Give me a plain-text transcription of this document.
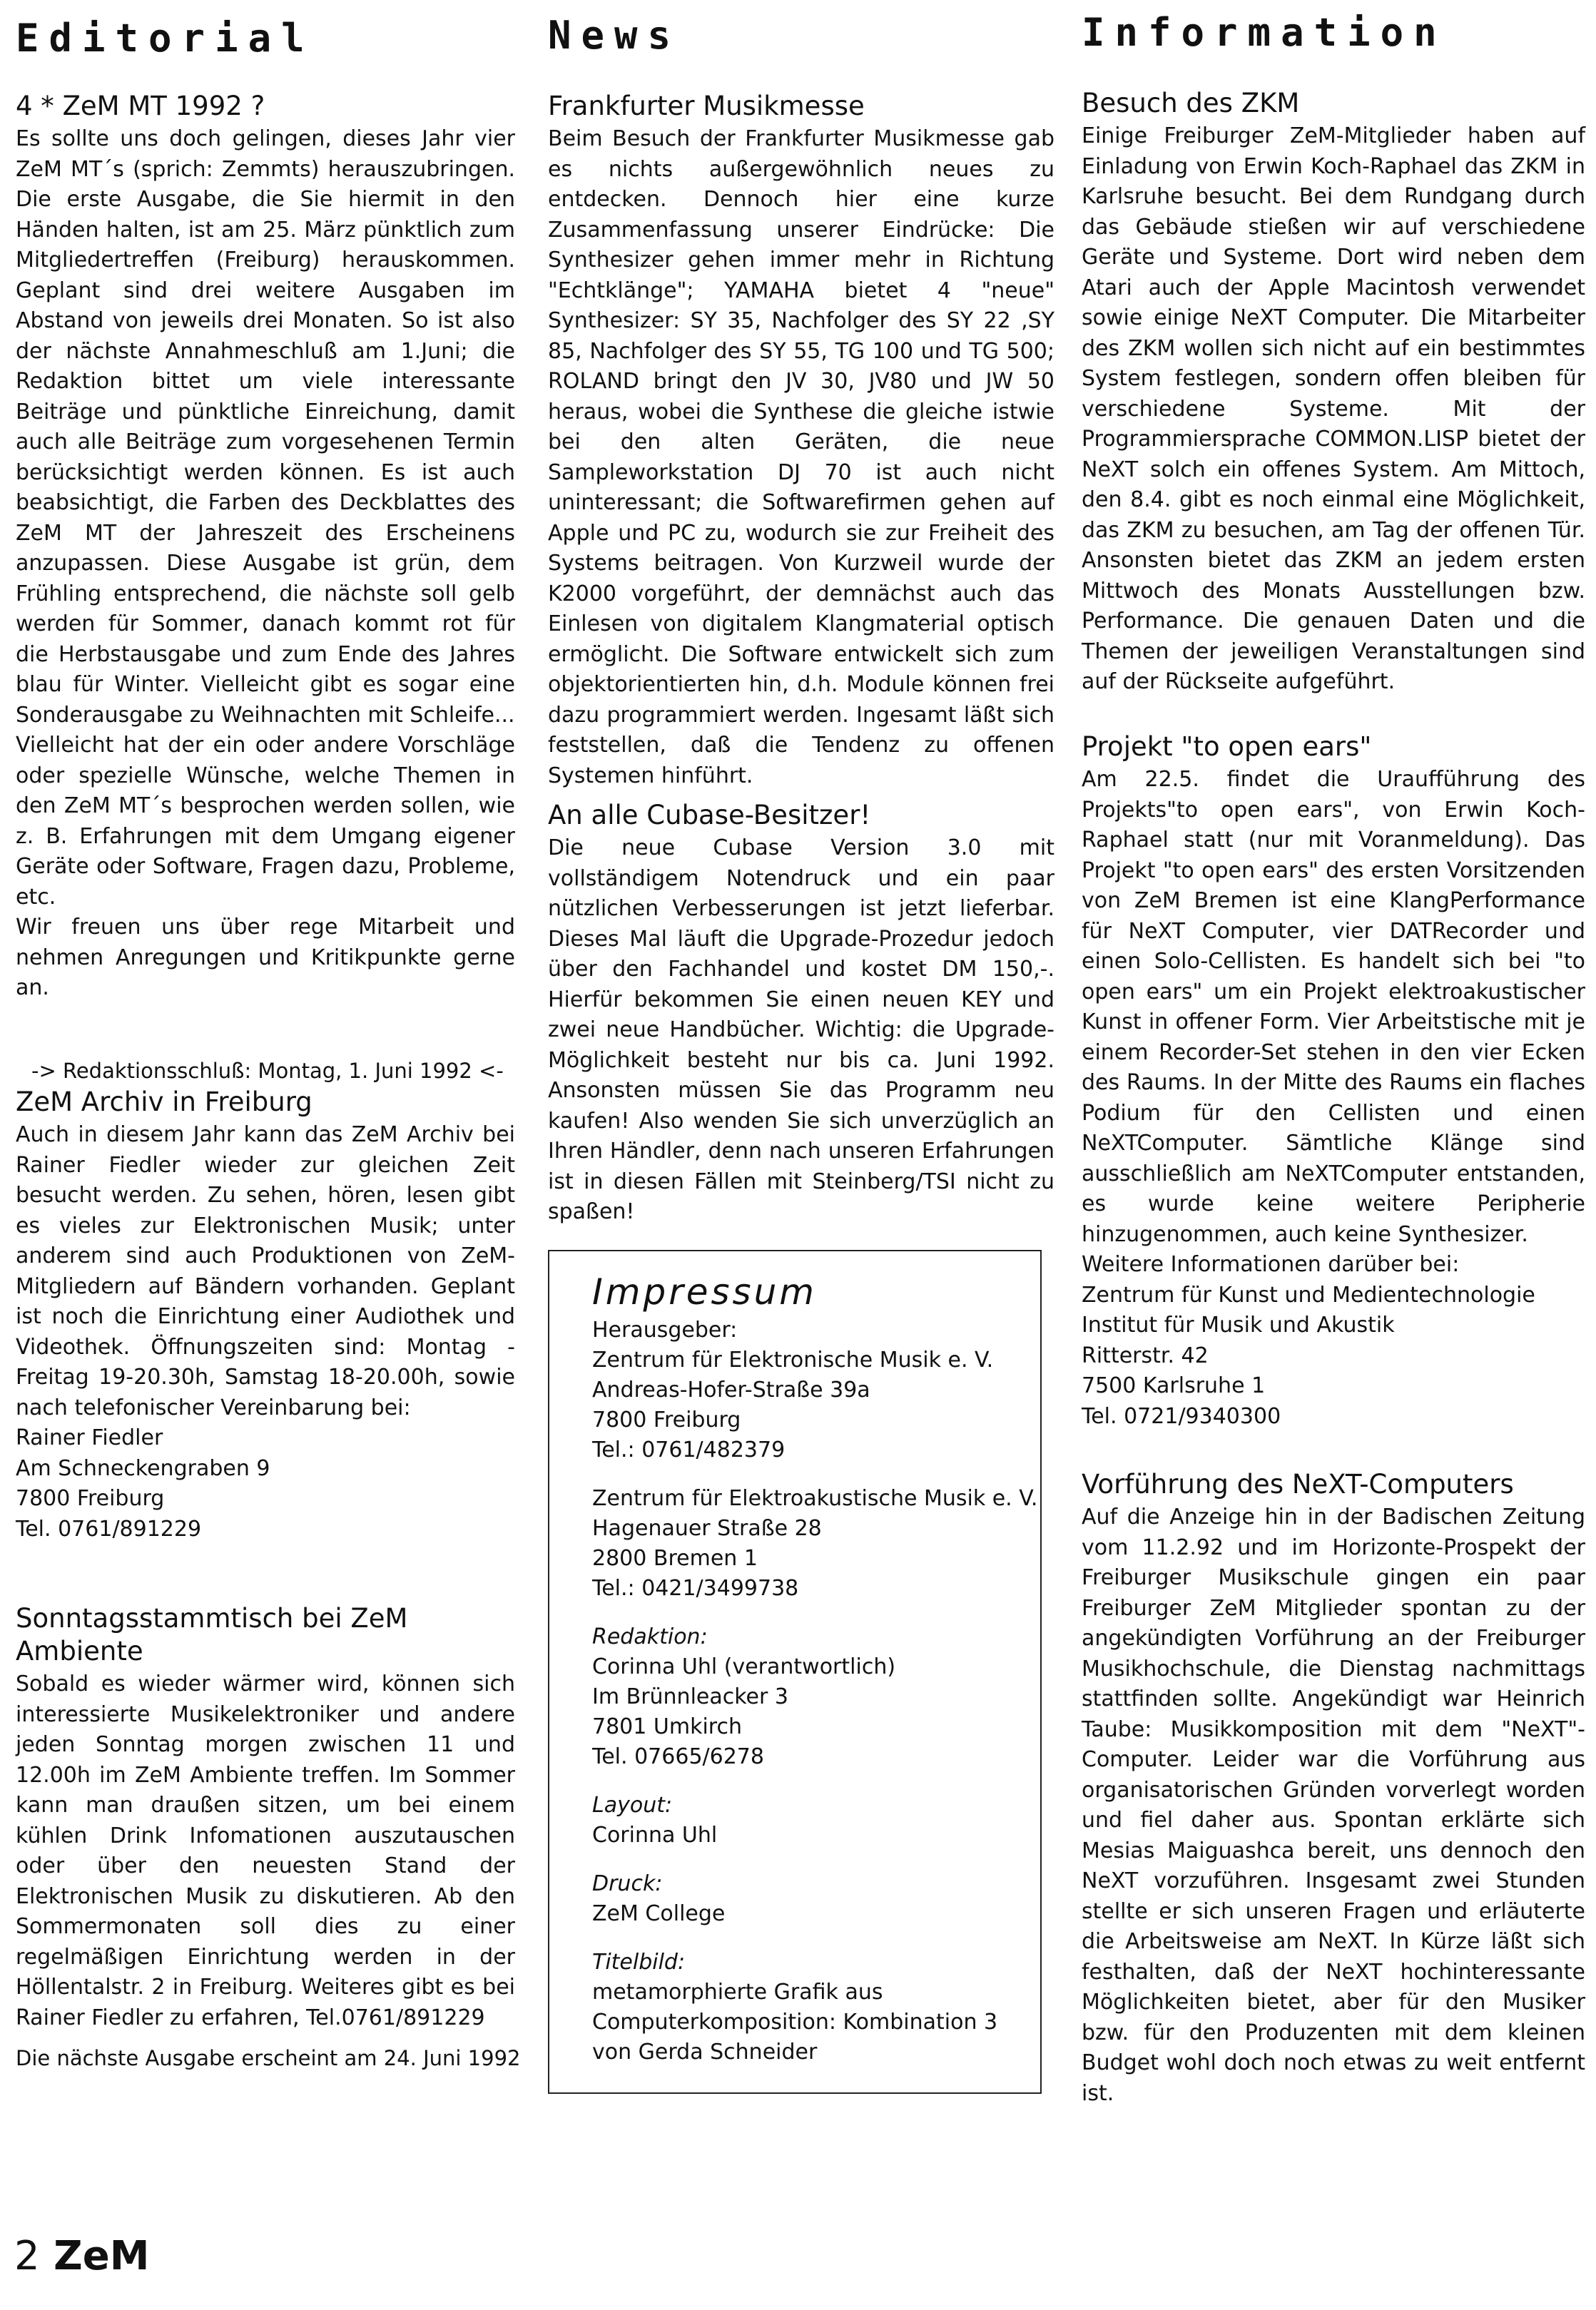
Editorial
4 * ZeM MT 1992 ?

Es sollte uns doch gelingen, dieses Jahr vier ZeM MT´s (sprich: Zemmts) herauszubringen. Die erste Ausgabe, die Sie hiermit in den Händen halten, ist am 25. März pünktlich zum Mitgliedertreffen (Freiburg) herauskommen. Geplant sind drei weitere Ausgaben im Abstand von jeweils drei Monaten. So ist also der nächste Annahmeschluß am 1.Juni; die Redaktion bittet um viele interessante Beiträge und pünktliche Einreichung, damit auch alle Beiträge zum vorgesehenen Termin berücksichtigt werden können. Es ist auch beabsichtigt, die Farben des Deckblattes des ZeM MT der Jahreszeit des Erscheinens anzupassen. Diese Ausgabe ist grün, dem Frühling entsprechend, die nächste soll gelb werden für Sommer, danach kommt rot für die Herbstausgabe und zum Ende des Jahres blau für Winter. Vielleicht gibt es sogar eine Sonderausgabe zu Weihnachten mit Schleife...

Vielleicht hat der ein oder andere Vorschläge oder spezielle Wünsche, welche Themen in den ZeM MT´s besprochen werden sollen, wie z. B. Erfahrungen mit dem Umgang eigener Geräte oder Software, Fragen dazu, Probleme, etc.

Wir freuen uns über rege Mitarbeit und nehmen Anregungen und Kritikpunkte gerne an.

-> Redaktionsschluß: Montag, 1. Juni 1992 <-
ZeM Archiv in Freiburg

Auch in diesem Jahr kann das ZeM Archiv bei Rainer Fiedler wieder zur gleichen Zeit besucht werden. Zu sehen, hören, lesen gibt es vieles zur Elektronischen Musik; unter anderem sind auch Produktionen von ZeM-Mitgliedern auf Bändern vorhanden. Geplant ist noch die Einrichtung einer Audiothek und Videothek. Öffnungszeiten sind: Montag - Freitag 19-20.30h, Samstag 18-20.00h, sowie nach telefonischer Vereinbarung bei:

Rainer Fiedler

Am Schneckengraben 9

7800 Freiburg

Tel. 0761/891229

Sonntagsstammtisch bei ZeM Ambiente

Sobald es wieder wärmer wird, können sich interessierte Musikelektroniker und andere jeden Sonntag morgen zwischen 11 und 12.00h im ZeM Ambiente treffen. Im Sommer kann man draußen sitzen, um bei einem kühlen Drink Infomationen auszutauschen oder über den neuesten Stand der Elektronischen Musik zu diskutieren. Ab den Sommermonaten soll dies zu einer regelmäßigen Einrichtung werden in der Höllentalstr. 2 in Freiburg. Weiteres gibt es bei Rainer Fiedler zu erfahren, Tel.0761/891229

Die nächste Ausgabe erscheint am 24. Juni 1992
News
Frankfurter Musikmesse

Beim Besuch der Frankfurter Musikmesse gab es nichts außergewöhnlich neues zu entdecken. Dennoch hier eine kurze Zusammenfassung unserer Eindrücke: Die Synthesizer gehen immer mehr in Richtung "Echtklänge"; YAMAHA bietet 4 "neue" Synthesizer: SY 35, Nachfolger des SY 22 ,SY 85, Nachfolger des SY 55, TG 100 und TG 500; ROLAND bringt den JV 30, JV80 und JW 50 heraus, wobei die Synthese die gleiche istwie bei den alten Geräten, die neue Sampleworkstation DJ 70 ist auch nicht uninteressant; die Softwarefirmen gehen auf Apple und PC zu, wodurch sie zur Freiheit des Systems beitragen. Von Kurzweil wurde der K2000 vorgeführt, der demnächst auch das Einlesen von digitalem Klangmaterial optisch ermöglicht. Die Software entwickelt sich zum objektorientierten hin, d.h. Module können frei dazu programmiert werden. Ingesamt läßt sich feststellen, daß die Tendenz zu offenen Systemen hinführt.

An alle Cubase-Besitzer!

Die neue Cubase Version 3.0 mit vollständigem Notendruck und ein paar nützlichen Verbesserungen ist jetzt lieferbar. Dieses Mal läuft die Upgrade-Prozedur jedoch über den Fachhandel und kostet DM 150,-. Hierfür bekommen Sie einen neuen KEY und zwei neue Handbücher. Wichtig: die Upgrade-Möglichkeit besteht nur bis ca. Juni 1992. Ansonsten müssen Sie das Programm neu kaufen! Also wenden Sie sich unverzüglich an Ihren Händler, denn nach unseren Erfahrungen ist in diesen Fällen mit Steinberg/TSI nicht zu spaßen!

Impressum
Herausgeber:
Zentrum für Elektronische Musik e. V.
Andreas-Hofer-Straße 39a
7800 Freiburg
Tel.: 0761/482379
Zentrum für Elektroakustische Musik e. V.
Hagenauer Straße 28
2800 Bremen 1
Tel.: 0421/3499738
Redaktion:
Corinna Uhl (verantwortlich)
Im Brünnleacker 3
7801 Umkirch
Tel. 07665/6278
Layout:
Corinna Uhl
Druck:
ZeM College
Titelbild:
metamorphierte Grafik aus Computerkomposition: Kombination 3 von Gerda Schneider
Information
Besuch des ZKM

Einige Freiburger ZeM-Mitglieder haben auf Einladung von Erwin Koch-Raphael das ZKM in Karlsruhe besucht. Bei dem Rundgang durch das Gebäude stießen wir auf verschiedene Geräte und Systeme. Dort wird neben dem Atari auch der Apple Macintosh verwendet sowie einige NeXT Computer. Die Mitarbeiter des ZKM wollen sich nicht auf ein bestimmtes System festlegen, sondern offen bleiben für verschiedene Systeme. Mit der Programmiersprache COMMON.LISP bietet der NeXT solch ein offenes System. Am Mittoch, den 8.4. gibt es noch einmal eine Möglichkeit, das ZKM zu besuchen, am Tag der offenen Tür. Ansonsten bietet das ZKM an jedem ersten Mittwoch des Monats Ausstellungen bzw. Performance. Die genauen Daten und die Themen der jeweiligen Veranstaltungen sind auf der Rückseite aufgeführt.

Projekt "to open ears"

Am 22.5. findet die Uraufführung des Projekts"to open ears", von Erwin Koch-Raphael statt (nur mit Voranmeldung). Das Projekt "to open ears" des ersten Vorsitzenden von ZeM Bremen ist eine KlangPerformance für NeXT Computer, vier DATRecorder und einen Solo-Cellisten. Es handelt sich bei "to open ears" um ein Projekt elektroakustischer Kunst in offener Form. Vier Arbeitstische mit je einem Recorder-Set stehen in den vier Ecken des Raums. In der Mitte des Raums ein flaches Podium für den Cellisten und einen NeXTComputer. Sämtliche Klänge sind ausschließlich am NeXTComputer entstanden, es wurde keine weitere Peripherie hinzugenommen, auch keine Synthesizer.

Weitere Informationen darüber bei:

Zentrum für Kunst und Medientechnologie

Institut für Musik und Akustik

Ritterstr. 42

7500 Karlsruhe 1

Tel. 0721/9340300

Vorführung des NeXT-Computers

Auf die Anzeige hin in der Badischen Zeitung vom 11.2.92 und im Horizonte-Prospekt der Freiburger Musikschule gingen ein paar Freiburger ZeM Mitglieder spontan zu der angekündigten Vorführung an der Freiburger Musikhochschule, die Dienstag nachmittags stattfinden sollte. Angekündigt war Heinrich Taube: Musikkomposition mit dem "NeXT"-Computer. Leider war die Vorführung aus organisatorischen Gründen vorverlegt worden und fiel daher aus. Spontan erklärte sich Mesias Maiguashca bereit, uns dennoch den NeXT vorzuführen. Insgesamt zwei Stunden stellte er sich unseren Fragen und erläuterte die Arbeitsweise am NeXT. In Kürze läßt sich festhalten, daß der NeXT hochinteressante Möglichkeiten bietet, aber für den Musiker bzw. für den Produzenten mit dem kleinen Budget wohl doch noch etwas zu weit entfernt ist.

2 ZeM
